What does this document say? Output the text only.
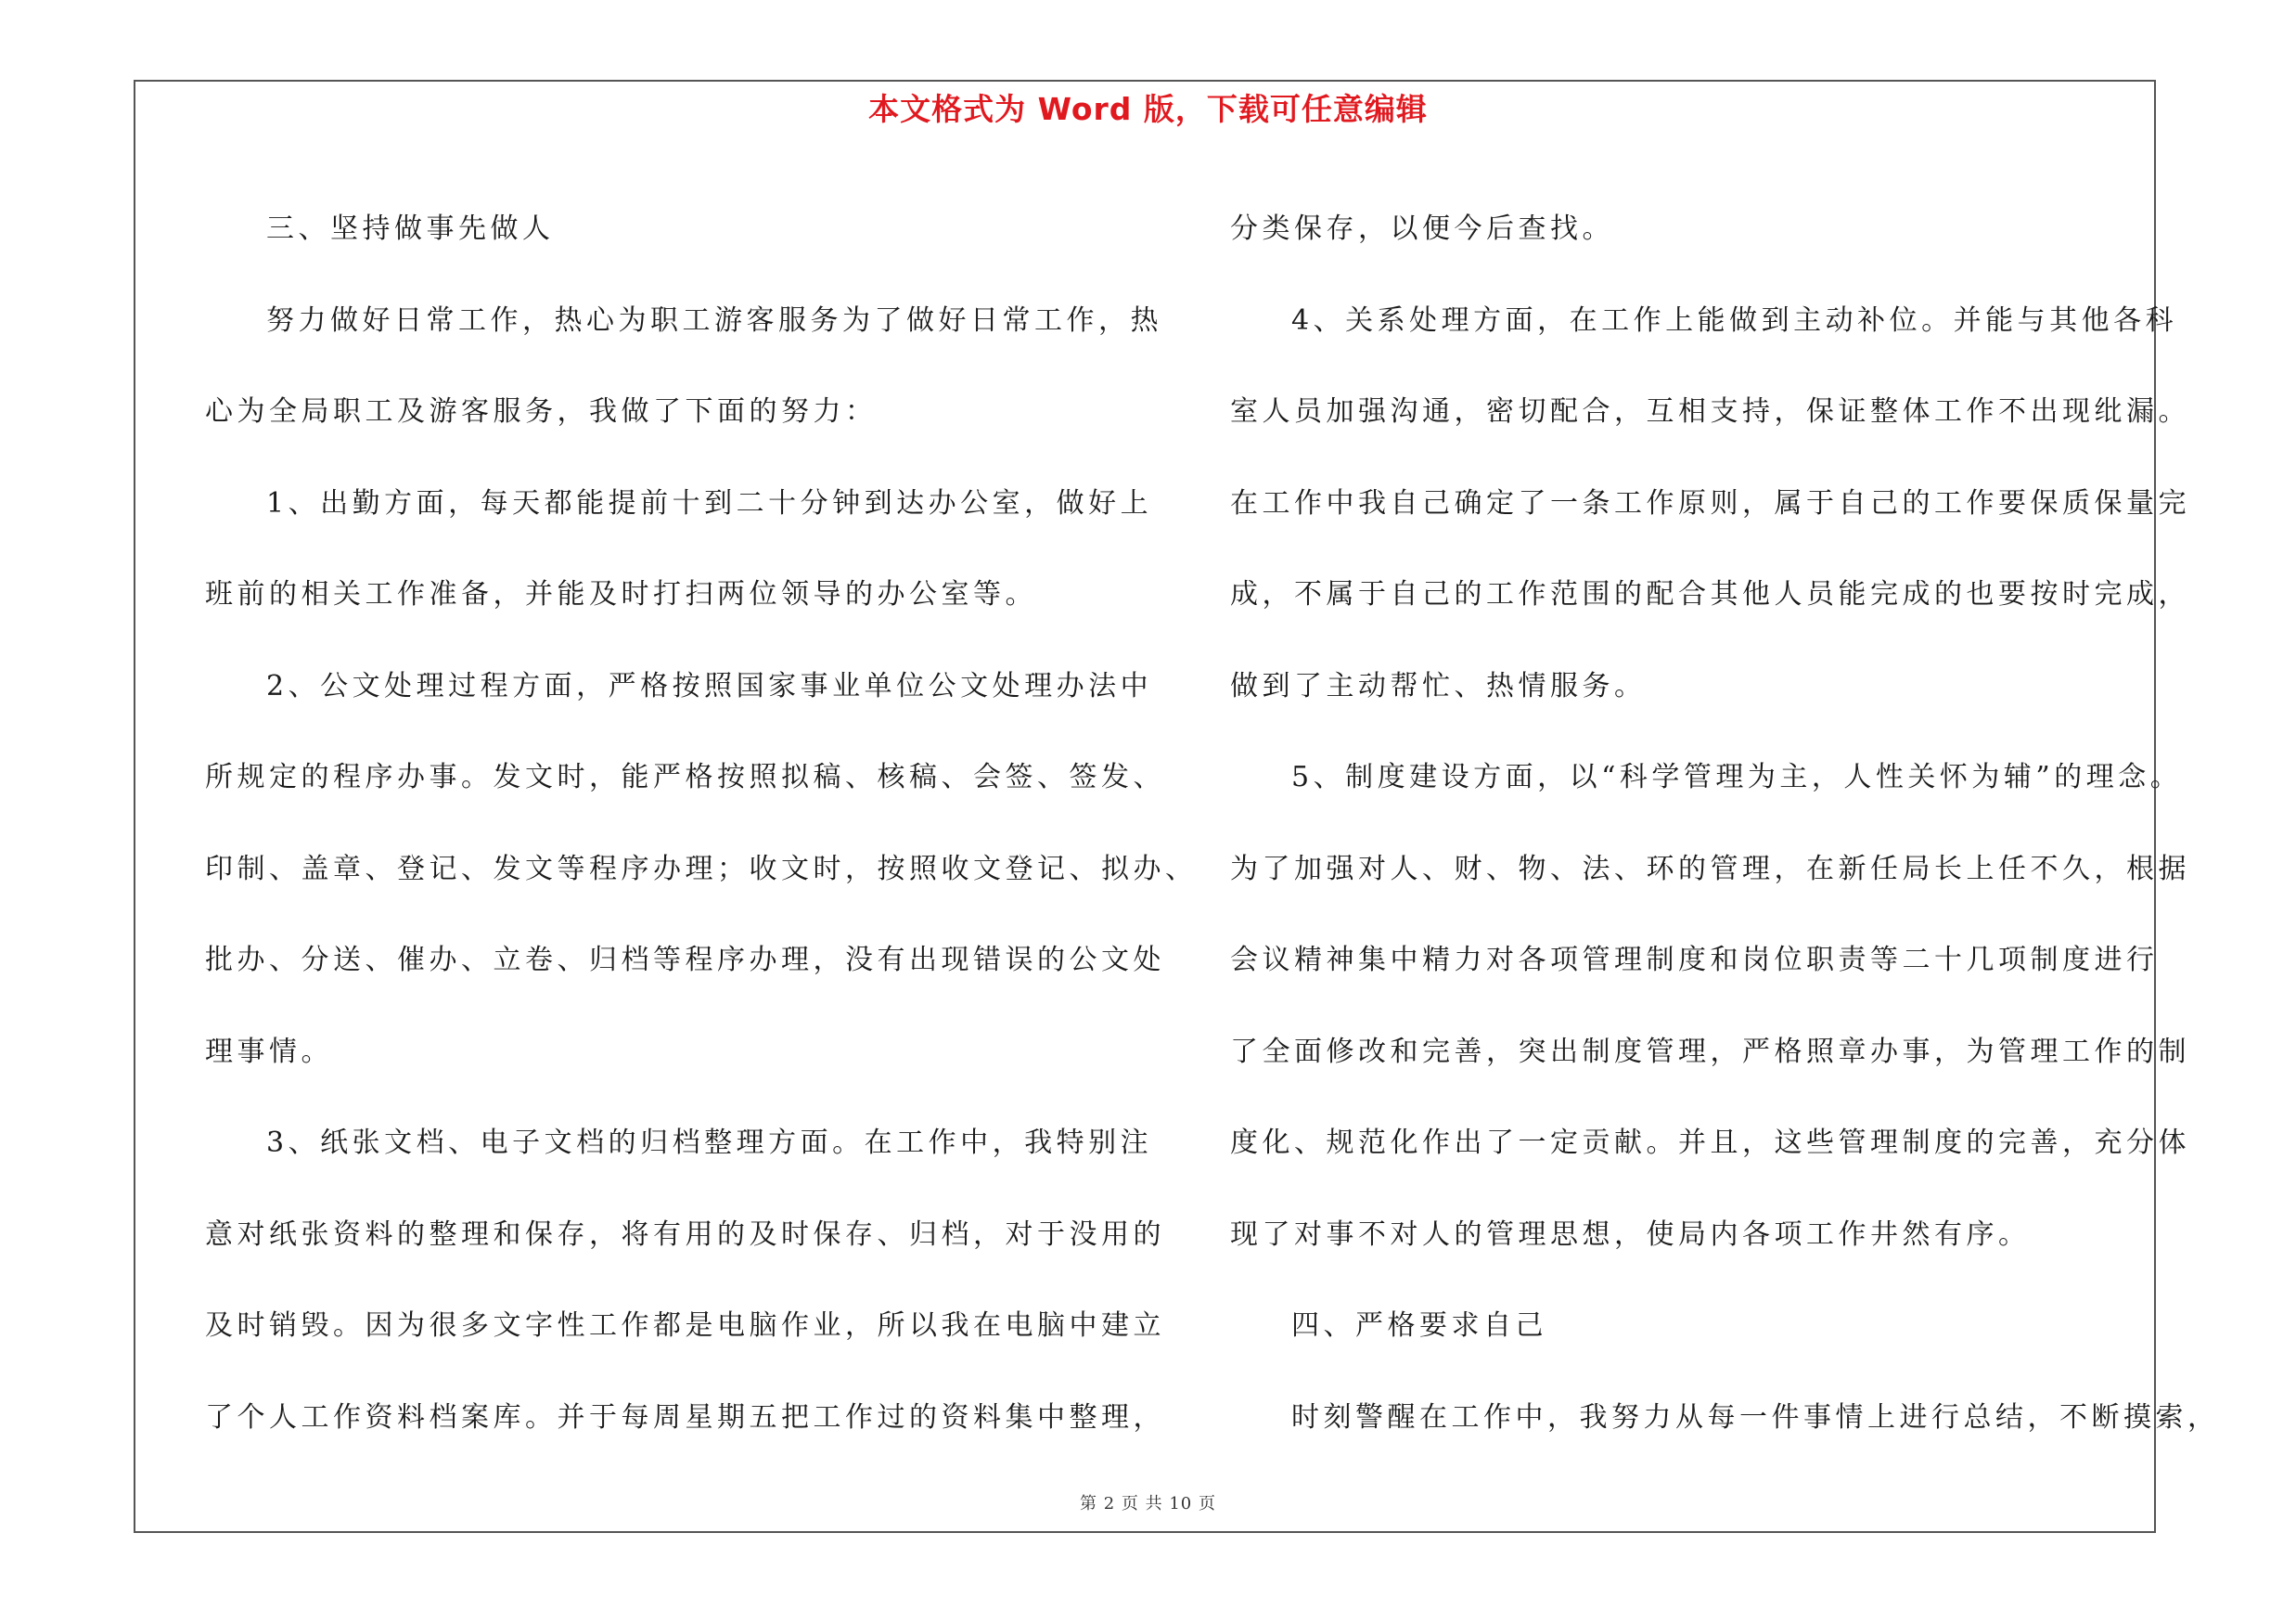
本文格式为 Word 版，下载可任意编辑
三、坚持做事先做人
努力做好日常工作，热心为职工游客服务为了做好日常工作，热
心为全局职工及游客服务，我做了下面的努力：
1、出勤方面，每天都能提前十到二十分钟到达办公室，做好上
班前的相关工作准备，并能及时打扫两位领导的办公室等。
2、公文处理过程方面，严格按照国家事业单位公文处理办法中
所规定的程序办事。发文时，能严格按照拟稿、核稿、会签、签发、
印制、盖章、登记、发文等程序办理；收文时，按照收文登记、拟办、
批办、分送、催办、立卷、归档等程序办理，没有出现错误的公文处
理事情。
3、纸张文档、电子文档的归档整理方面。在工作中，我特别注
意对纸张资料的整理和保存，将有用的及时保存、归档，对于没用的
及时销毁。因为很多文字性工作都是电脑作业，所以我在电脑中建立
了个人工作资料档案库。并于每周星期五把工作过的资料集中整理，
分类保存，以便今后查找。
4、关系处理方面，在工作上能做到主动补位。并能与其他各科
室人员加强沟通，密切配合，互相支持，保证整体工作不出现纰漏。
在工作中我自己确定了一条工作原则，属于自己的工作要保质保量完
成，不属于自己的工作范围的配合其他人员能完成的也要按时完成，
做到了主动帮忙、热情服务。
5、制度建设方面，以“科学管理为主，人性关怀为辅”的理念。
为了加强对人、财、物、法、环的管理，在新任局长上任不久，根据
会议精神集中精力对各项管理制度和岗位职责等二十几项制度进行
了全面修改和完善，突出制度管理，严格照章办事，为管理工作的制
度化、规范化作出了一定贡献。并且，这些管理制度的完善，充分体
现了对事不对人的管理思想，使局内各项工作井然有序。
四、严格要求自己
时刻警醒在工作中，我努力从每一件事情上进行总结，不断摸索，
第 2 页 共 10 页
